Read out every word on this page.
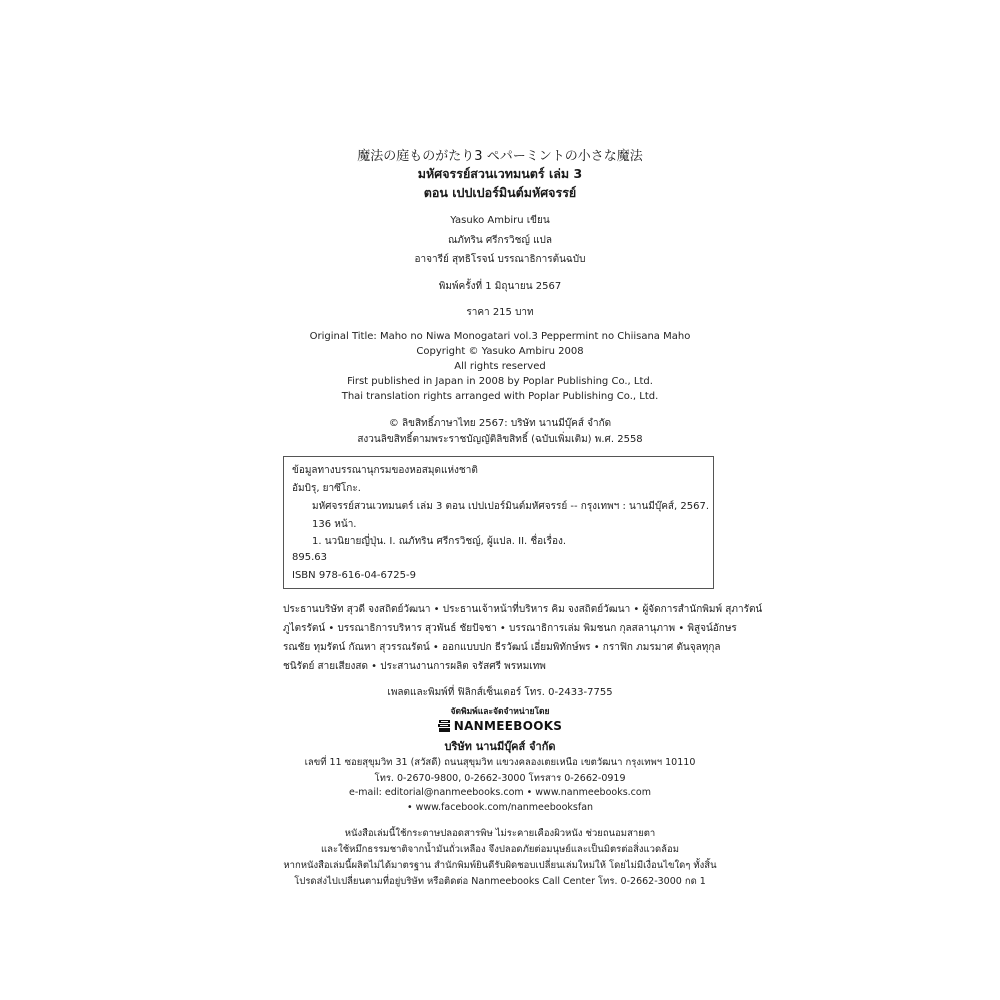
魔法の庭ものがたり3 ペパーミントの小さな魔法
มหัศจรรย์สวนเวทมนตร์ เล่ม 3
ตอน เปปเปอร์มินต์มหัศจรรย์
Yasuko Ambiru เขียน
ณภัทริน ศรีกรวิชญ์ แปล
อาจารีย์ สุทธิโรจน์ บรรณาธิการต้นฉบับ
พิมพ์ครั้งที่ 1 มิถุนายน 2567
ราคา 215 บาท
Original Title: Maho no Niwa Monogatari vol.3 Peppermint no Chiisana Maho
Copyright © Yasuko Ambiru 2008
All rights reserved
First published in Japan in 2008 by Poplar Publishing Co., Ltd.
Thai translation rights arranged with Poplar Publishing Co., Ltd.
© ลิขสิทธิ์ภาษาไทย 2567: บริษัท นานมีบุ๊คส์ จำกัด
สงวนลิขสิทธิ์ตามพระราชบัญญัติลิขสิทธิ์ (ฉบับเพิ่มเติม) พ.ศ. 2558
ข้อมูลทางบรรณานุกรมของหอสมุดแห่งชาติ
อัมบิรุ, ยาซึโกะ.
มหัศจรรย์สวนเวทมนตร์ เล่ม 3 ตอน เปปเปอร์มินต์มหัศจรรย์ -- กรุงเทพฯ : นานมีบุ๊คส์, 2567.
136 หน้า.
1. นวนิยายญี่ปุ่น. I. ณภัทริน ศรีกรวิชญ์, ผู้แปล. II. ชื่อเรื่อง.
895.63
ISBN 978-616-04-6725-9
ประธานบริษัท สุวดี จงสถิตย์วัฒนา • ประธานเจ้าหน้าที่บริหาร คิม จงสถิตย์วัฒนา • ผู้จัดการสำนักพิมพ์ สุภารัตน์
ภูไตรรัตน์ • บรรณาธิการบริหาร สุวพันธ์ ชัยปัจชา • บรรณาธิการเล่ม พิมชนก กุลสลานุภาพ • พิสูจน์อักษร
รณชัย ทุมรัตน์ กัณหา สุวรรณรัตน์ • ออกแบบปก ธีรวัฒน์ เอี่ยมพิทักษ์พร • กราฟิก ภมรมาศ ตันจุลทุกุล
ชนิรัตย์ สายเสียงสด • ประสานงานการผลิต จรัสศรี พรหมเทพ
เพลตและพิมพ์ที่ ฟิลิกส์เซ็นเตอร์ โทร. 0-2433-7755
จัดพิมพ์และจัดจำหน่ายโดย
NANMEEBOOKS
บริษัท นานมีบุ๊คส์ จำกัด
เลขที่ 11 ซอยสุขุมวิท 31 (สวัสดี) ถนนสุขุมวิท แขวงคลองเตยเหนือ เขตวัฒนา กรุงเทพฯ 10110
โทร. 0-2670-9800, 0-2662-3000 โทรสาร 0-2662-0919
e-mail: editorial@nanmeebooks.com • www.nanmeebooks.com
• www.facebook.com/nanmeebooksfan
หนังสือเล่มนี้ใช้กระดาษปลอดสารพิษ ไม่ระคายเคืองผิวหนัง ช่วยถนอมสายตา
และใช้หมึกธรรมชาติจากน้ำมันถั่วเหลือง จึงปลอดภัยต่อมนุษย์และเป็นมิตรต่อสิ่งแวดล้อม
หากหนังสือเล่มนี้ผลิตไม่ได้มาตรฐาน สำนักพิมพ์ยินดีรับผิดชอบเปลี่ยนเล่มใหม่ให้ โดยไม่มีเงื่อนไขใดๆ ทั้งสิ้น
โปรดส่งไปเปลี่ยนตามที่อยู่บริษัท หรือติดต่อ Nanmeebooks Call Center โทร. 0-2662-3000 กด 1
